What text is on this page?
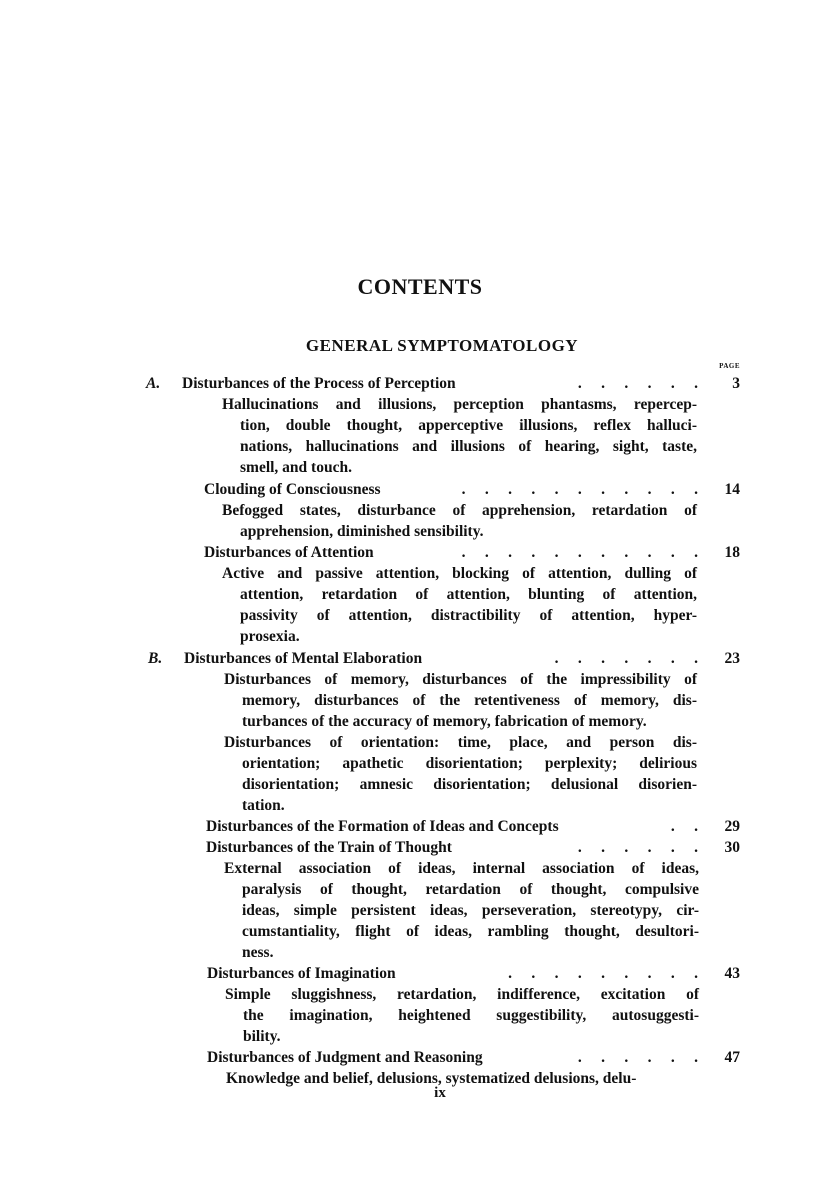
CONTENTS
GENERAL SYMPTOMATOLOGY
PAGE
A. Disturbances of the Process of Perception	.     .     .     .     .     .	3
Hallucinations and illusions, perception phantasms, repercep-
tion, double thought, apperceptive illusions, reflex halluci-
nations, hallucinations and illusions of hearing, sight, taste,
smell, and touch.
Clouding of Consciousness	.     .     .     .     .     .     .     .     .     .     .	14
Befogged states, disturbance of apprehension, retardation of
apprehension, diminished sensibility.
Disturbances of Attention	.     .     .     .     .     .     .     .     .     .     .	18
Active and passive attention, blocking of attention, dulling of
attention, retardation of attention, blunting of attention,
passivity of attention, distractibility of attention, hyper-
prosexia.
B. Disturbances of Mental Elaboration	.     .     .     .     .     .     .	23
Disturbances of memory, disturbances of the impressibility of
memory, disturbances of the retentiveness of memory, dis-
turbances of the accuracy of memory, fabrication of memory.
Disturbances of orientation: time, place, and person dis-
orientation; apathetic disorientation; perplexity; delirious
disorientation; amnesic disorientation; delusional disorien-
tation.
Disturbances of the Formation of Ideas and Concepts	.     .	29
Disturbances of the Train of Thought	.     .     .     .     .     .	30
External association of ideas, internal association of ideas,
paralysis of thought, retardation of thought, compulsive
ideas, simple persistent ideas, perseveration, stereotypy, cir-
cumstantiality, flight of ideas, rambling thought, desultori-
ness.
Disturbances of Imagination	.     .     .     .     .     .     .     .     .	43
Simple sluggishness, retardation, indifference, excitation of
the imagination, heightened suggestibility, autosuggesti-
bility.
Disturbances of Judgment and Reasoning	.     .     .     .     .     .	47
Knowledge and belief, delusions, systematized delusions, delu-
ix
